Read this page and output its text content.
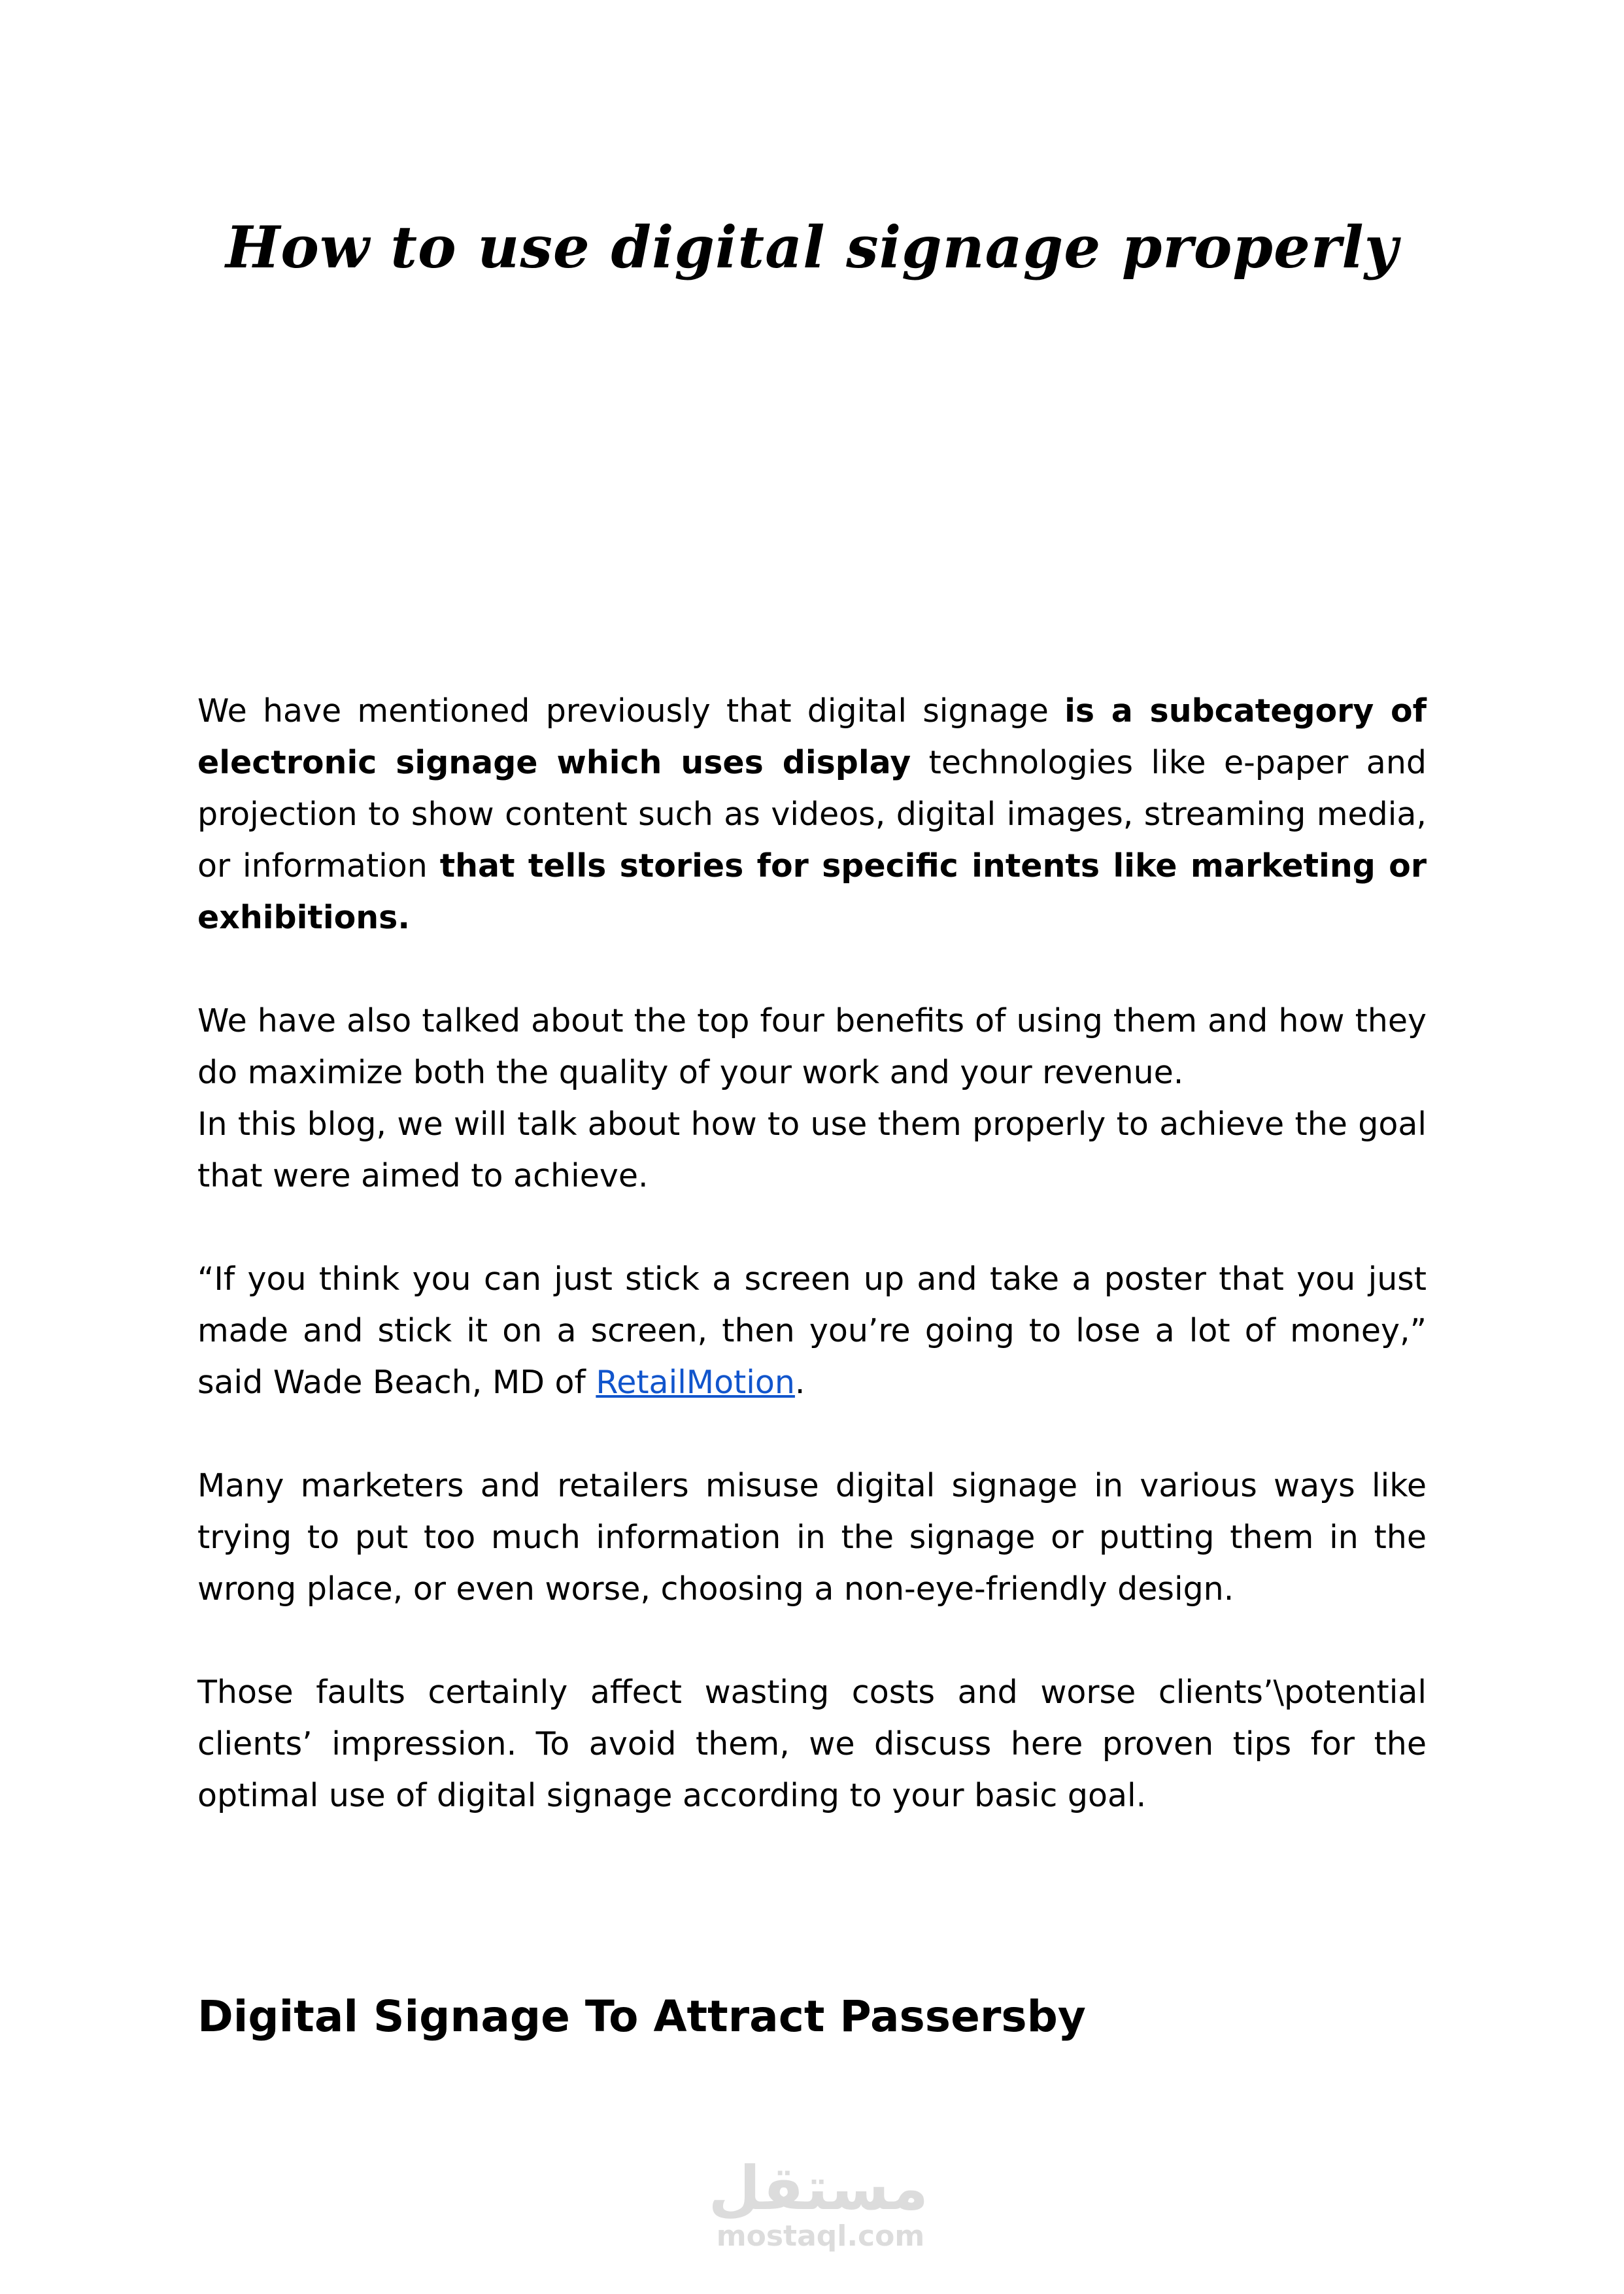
How to use digital signage properly

We have mentioned previously that digital signage is a subcategory of electronic signage which uses display technologies like e-paper and projection to show content such as videos, digital images, streaming media, or information that tells stories for specific intents like marketing or exhibitions.

We have also talked about the top four benefits of using them and how they do maximize both the quality of your work and your revenue.

In this blog, we will talk about how to use them properly to achieve the goal that were aimed to achieve.

“If you think you can just stick a screen up and take a poster that you just made and stick it on a screen, then you’re going to lose a lot of money,” said Wade Beach, MD of RetailMotion.

Many marketers and retailers misuse digital signage in various ways like trying to put too much information in the signage or putting them in the wrong place, or even worse, choosing a non-eye-friendly design.

Those faults certainly affect wasting costs and worse clients’\potential clients’ impression. To avoid them, we discuss here proven tips for the optimal use of digital signage according to your basic goal.

Digital Signage To Attract Passersby
مستقل
mostaql.com
